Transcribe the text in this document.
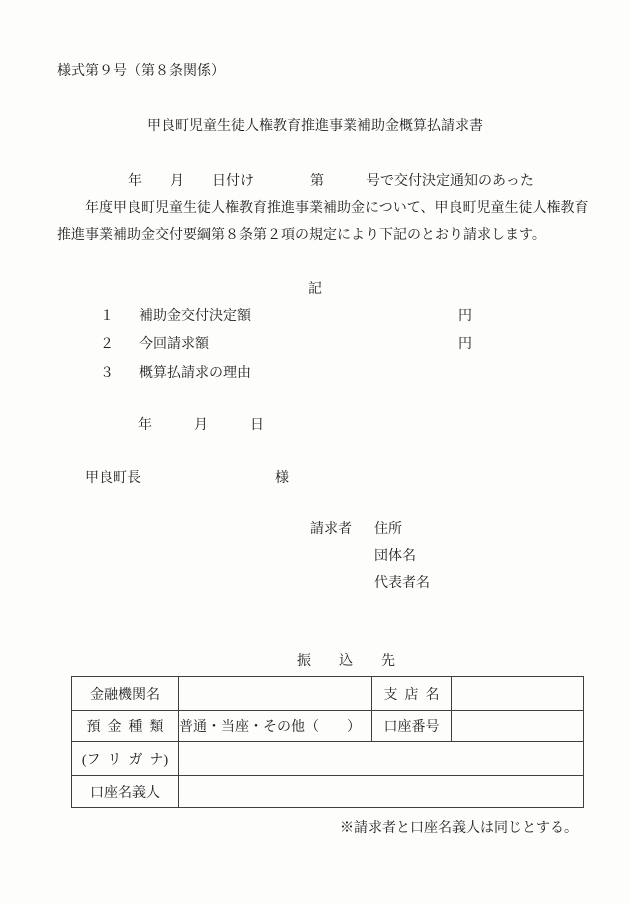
様式第９号（第８条関係）
甲良町児童生徒人権教育推進事業補助金概算払請求書
年　　月　　日付け　　　　第　　　号で交付決定通知のあった
　　年度甲良町児童生徒人権教育推進事業補助金について、甲良町児童生徒人権教育
推進事業補助金交付要綱第８条第２項の規定により下記のとおり請求します。
記
１ 補助金交付決定額	円
２ 今回請求額	円
３ 概算払請求の理由
年　　　月　　　日
甲良町長	様
請求者 住所
団体名
代表者名
振　　込　　先
金融機関名		支  店  名	
預  金  種  類	普通・当座・その他（　　）	口座番号	
(フ  リ  ガ  ナ)			
口座名義人			
※請求者と口座名義人は同じとする。
